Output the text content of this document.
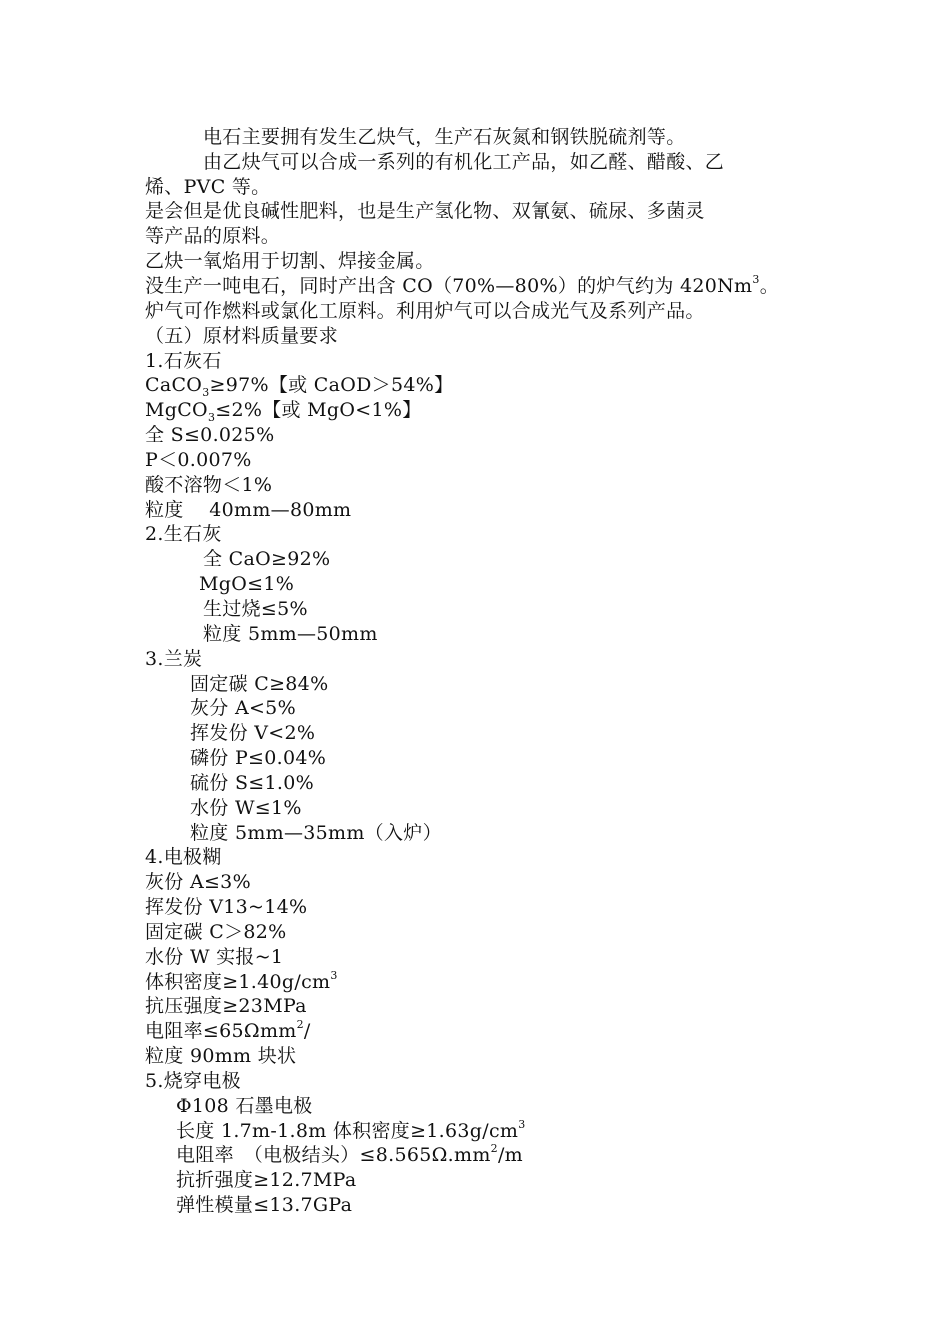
电石主要拥有发生乙炔气，生产石灰氮和钢铁脱硫剂等。
由乙炔气可以合成一系列的有机化工产品，如乙醛、醋酸、乙
烯、PVC 等。
是会但是优良碱性肥料，也是生产氢化物、双氰氨、硫尿、多菌灵
等产品的原料。
乙炔一氧焰用于切割、焊接金属。
没生产一吨电石，同时产出含 CO（70%—80%）的炉气约为 420Nm$^3$。
炉气可作燃料或氯化工原料。利用炉气可以合成光气及系列产品。
（五）原材料质量要求
1.石灰石
CaCO$_3$≥97%【或 CaOD＞54%】
MgCO$_3$≤2%【或 MgO<1%】
全 S≤0.025%
P＜0.007%
酸不溶物＜1%
粒度　 40mm—80mm
2.生石灰
全 CaO≥92%
MgO≤1%
生过烧≤5%
粒度 5mm—50mm
3.兰炭
固定碳 C≥84%
灰分 A<5%
挥发份 V<2%
磷份 P≤0.04%
硫份 S≤1.0%
水份 W≤1%
粒度 5mm—35mm（入炉）
4.电极糊
灰份 A≤3%
挥发份 V13~14%
固定碳 C＞82%
水份 W 实报~1
体积密度$\ge 1.40g/cm^3$
抗压强度≥23MPa
电阻率≤65Ωmm$^2$/
粒度 90mm 块状
5.烧穿电极
Φ108 石墨电极
长度 1.7m-1.8m 体积密度$\ge 1.63g/cm^3$
电阻率　（电极结头）$\le 8.565\Omega.mm^2/m$
抗折强度≥12.7MPa
弹性模量≤13.7GPa
